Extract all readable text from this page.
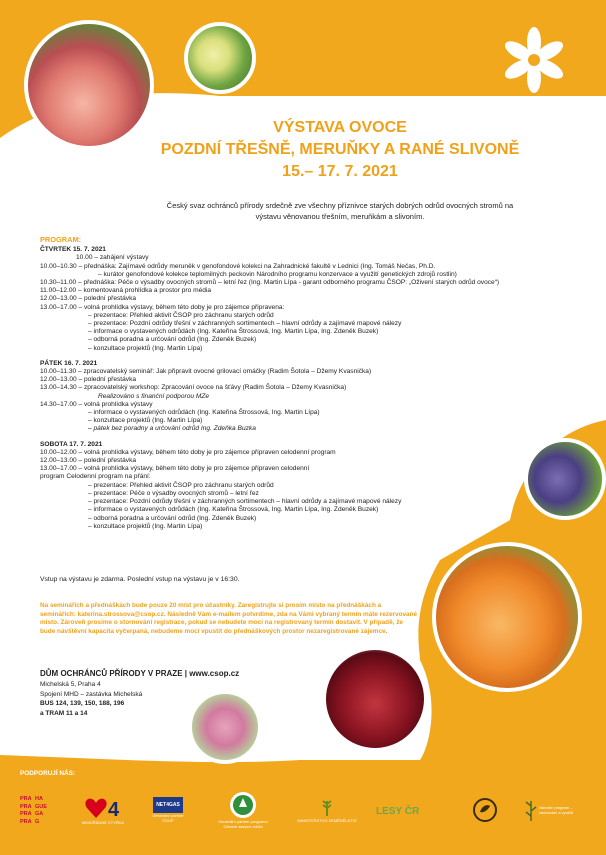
VÝSTAVA OVOCE
POZDNÍ TŘEŠNĚ, MERUŇKY A RANÉ SLIVONĚ
15.– 17. 7. 2021
Český svaz ochránců přírody srdečně zve všechny příznivce starých dobrých odrůd ovocných stromů na výstavu věnovanou třešním, meruňkám a slivoním.
PROGRAM:
ČTVRTEK 15. 7. 2021
10.00 – zahájení výstavy
10.00–10.30 – přednáška: Zajímavé odrůdy meruněk v genofondové kolekci na Zahradnické fakultě v Lednici (Ing. Tomáš Nečas, Ph.D.
– kurátor genofondové kolekce teplomilných peckovin Národního programu konzervace a využití genetických zdrojů rostlin)
10.30–11.00 – přednáška: Péče o výsadby ovocných stromů – letní řez (Ing. Martin Lípa - garant odborného programu ČSOP: „Oživení starých odrůd ovoce“)
11.00–12.00 – komentovaná prohlídka a prostor pro média
12.00–13.00 – polední přestávka
13.00–17.00 – volná prohlídka výstavy, během této doby je pro zájemce připravena:
– prezentace: Přehled aktivit ČSOP pro záchranu starých odrůd
– prezentace: Pozdní odrůdy třešní v záchranných sortimentech – hlavní odrůdy a zajímavé mapové nálezy
– informace o vystavených odrůdách (Ing. Kateřina Štrossová, Ing. Martin Lípa, Ing. Zdeněk Buzek)
– odborná poradna a určování odrůd (Ing. Zdeněk Buzek)
– konzultace projektů (Ing. Martin Lípa)
PÁTEK 16. 7. 2021
10.00–11.30 – zpracovatelský seminář: Jak připravit ovocné grilovací omáčky (Radim Šotola – Džemy Kvasnička)
12.00–13.00 – polední přestávka
13.00–14.30 – zpracovatelský workshop: Zpracování ovoce na šťávy (Radim Šotola – Džemy Kvasnička)
Realizováno s finanční podporou MZe
14.30–17.00 – volná prohlídka výstavy
– informace o vystavených odrůdách (Ing. Kateřina Štrossová, Ing. Martin Lípa)
– konzultace projektů (Ing. Martin Lípa)
– pátek bez poradny a určování odrůd Ing. Zdeňka Buzka
SOBOTA 17. 7. 2021
10.00–12.00 – volná prohlídka výstavy, během této doby je pro zájemce připraven celodenní program
12.00–13.00 – polední přestávka
13.00–17.00 – volná prohlídka výstavy, během této doby je pro zájemce připraven celodenní
program Celodenní program na přání:
– prezentace: Přehled aktivit ČSOP pro záchranu starých odrůd
– prezentace: Péče o výsadby ovocných stromů – letní řez
– prezentace: Pozdní odrůdy třešní v záchranných sortimentech – hlavní odrůdy a zajímavé mapové nálezy
– informace o vystavených odrůdách (Ing. Kateřina Štrossová, Ing. Martin Lípa, Ing. Zdeněk Buzek)
– odborná poradna a určování odrůd (Ing. Zdeněk Buzek)
– konzultace projektů (Ing. Martin Lípa)
Vstup na výstavu je zdarma. Poslední vstup na výstavu je v 16:30.
Na seminářích a přednáškách bude pouze 20 míst pro účastníky. Zaregistrujte si prosím místo na přednáškách a seminářích: katerina.strossova@csop.cz. Následně Vám e-mailem potvrdíme, zda na Vámi vybraný termín máte rezervované místo. Zároveň prosíme o stornování registrace, pokud se nebudete moci na registrovaný termín dostavit. V případě, že bude návštěvní kapacita vyčerpaná, nebudeme moci vpustit do přednáškových prostor nezaregistrované zájemce.
DŮM OCHRÁNCŮ PŘÍRODY V PRAZE | www.csop.cz
Michelská 5, Praha 4
Spojení MHD – zastávka Michelská
BUS 124, 139, 150, 188, 196
a TRAM 11 a 14
PODPORUJÍ NÁS:
PRA HA
PRA GUE
PRA GA
PRA G
4
MIMOŘÁDNÉ ČTYŘKA
NET4GAS
Generální partner ČSOP	Generální partner programu Oživení starých odrůd
MINISTERSTVO ZEMĚDĚLSTVÍ
LESY ČR	Národní program – zachování a využití
